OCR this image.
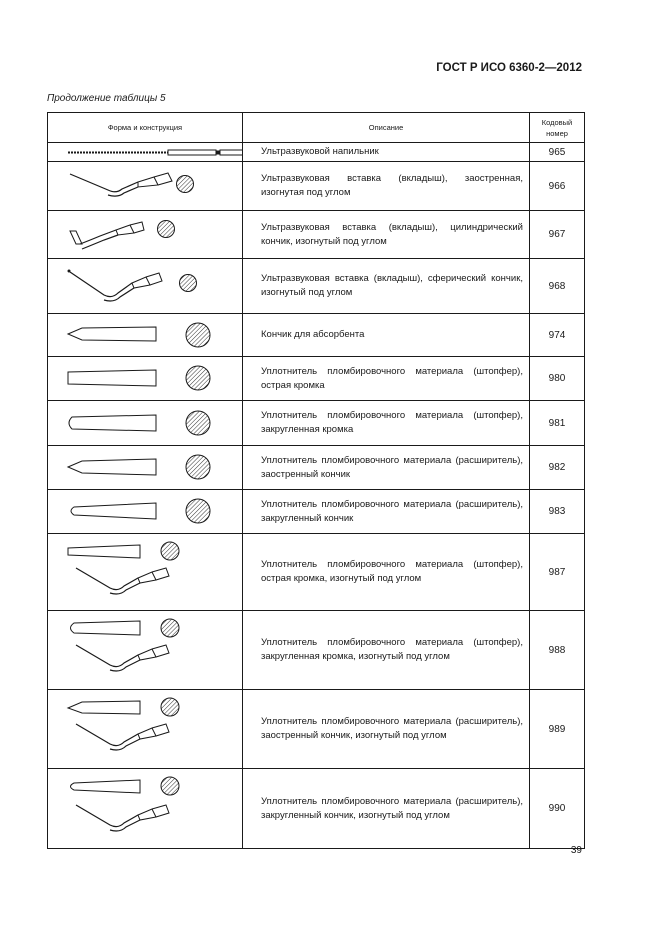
ГОСТ Р ИСО 6360-2—2012
Продолжение таблицы 5
Форма и конструкция	Описание	Кодовый номер

	Ультразвуковой напильник	965

	Ультразвуковая вставка (вкладыш), заостренная, изогнутая под углом	966

	Ультразвуковая вставка (вкладыш), цилиндрический кончик, изогнутый под углом	967

	Ультразвуковая вставка (вкладыш), сферический кончик, изогнутый под углом	968

	Кончик для абсорбента	974

	Уплотнитель пломбировочного материала (штопфер), острая кромка	980

	Уплотнитель пломбировочного материала (штопфер), закругленная кромка	981

	Уплотнитель пломбировочного материала (расширитель), заостренный кончик	982

	Уплотнитель пломбировочного материала (расширитель), закругленный кончик	983

	Уплотнитель пломбировочного материала (штопфер), острая кромка, изогнутый под углом	987

	Уплотнитель пломбировочного материала (штопфер), закругленная кромка, изогнутый под углом	988

	Уплотнитель пломбировочного материала (расширитель), заостренный кончик, изогнутый под углом	989

	Уплотнитель пломбировочного материала (расширитель), закругленный кончик, изогнутый под углом	990
39
